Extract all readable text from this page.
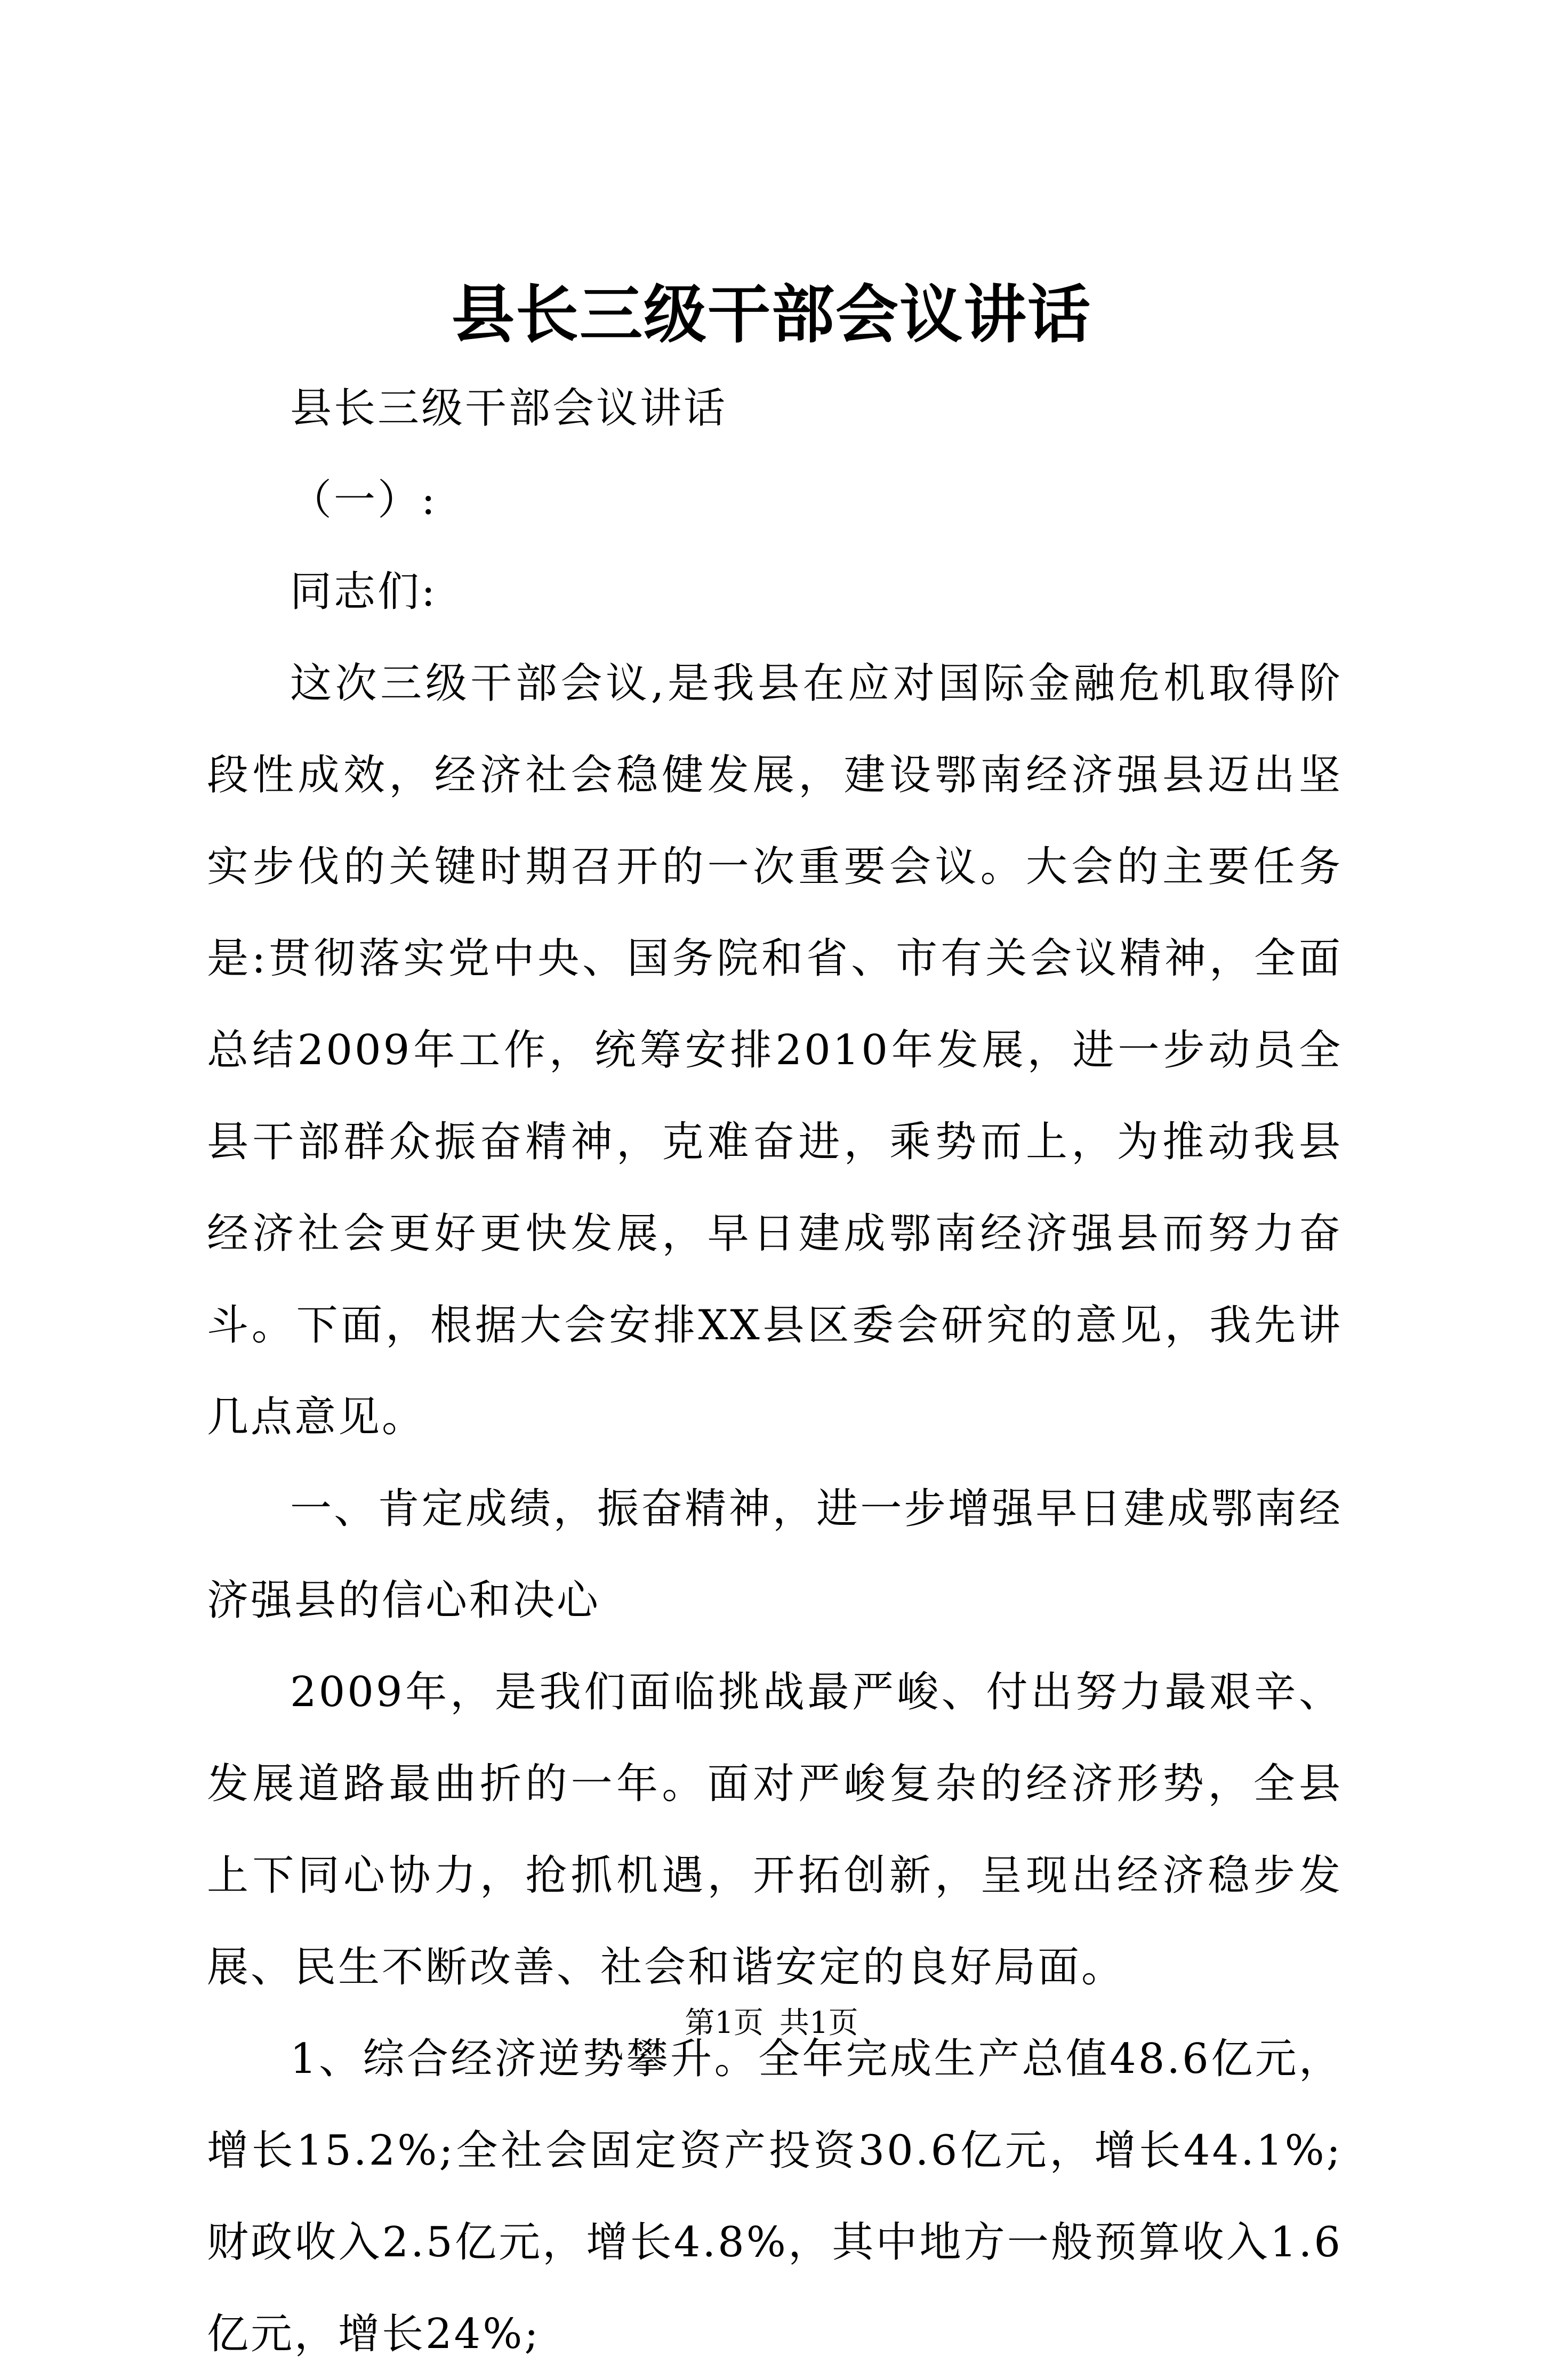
县长三级干部会议讲话

县长三级干部会议讲话

（一）:

同志们:

这次三级干部会议,是我县在应对国际金融危机取得阶段性成效，经济社会稳健发展，建设鄂南经济强县迈出坚实步伐的关键时期召开的一次重要会议。大会的主要任务是:贯彻落实党中央、国务院和省、市有关会议精神，全面总结2009年工作，统筹安排2010年发展，进一步动员全县干部群众振奋精神，克难奋进，乘势而上，为推动我县经济社会更好更快发展，早日建成鄂南经济强县而努力奋斗。下面，根据大会安排XX县区委会研究的意见，我先讲几点意见。

一、肯定成绩，振奋精神，进一步增强早日建成鄂南经济强县的信心和决心

2009年，是我们面临挑战最严峻、付出努力最艰辛、发展道路最曲折的一年。面对严峻复杂的经济形势，全县上下同心协力，抢抓机遇，开拓创新，呈现出经济稳步发展、民生不断改善、社会和谐安定的良好局面。

1、综合经济逆势攀升。全年完成生产总值48.6亿元，增长15.2%;全社会固定资产投资30.6亿元，增长44.1%;财政收入2.5亿元，增长4.8%，其中地方一般预算收入1.6亿元，增长24%;

第1页 共1页
